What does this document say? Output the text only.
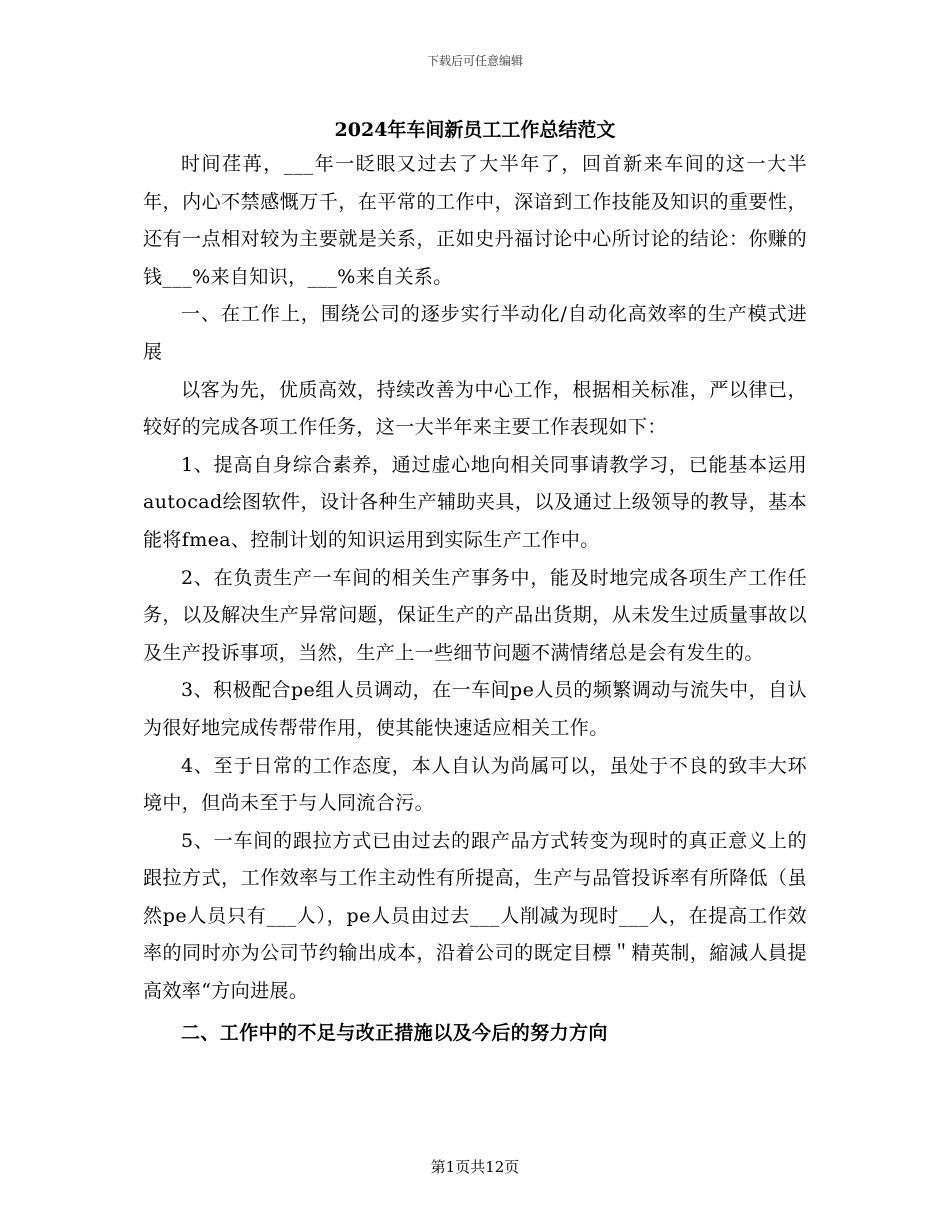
下载后可任意编辑
2024年车间新员工工作总结范文

时间荏苒，___年一眨眼又过去了大半年了，回首新来车间的这一大半年，内心不禁感慨万千，在平常的工作中，深谙到工作技能及知识的重要性，还有一点相对较为主要就是关系，正如史丹福讨论中心所讨论的结论：你赚的钱___%来自知识，___%来自关系。

一、在工作上，围绕公司的逐步实行半动化/自动化高效率的生产模式进展

以客为先，优质高效，持续改善为中心工作，根据相关标准，严以律已，较好的完成各项工作任务，这一大半年来主要工作表现如下：

1、提高自身综合素养，通过虚心地向相关同事请教学习，已能基本运用autocad绘图软件，设计各种生产辅助夹具，以及通过上级领导的教导，基本能将fmea、控制计划的知识运用到实际生产工作中。

2、在负责生产一车间的相关生产事务中，能及时地完成各项生产工作任务，以及解决生产异常问题，保证生产的产品出货期，从未发生过质量事故以及生产投诉事项，当然，生产上一些细节问题不满情绪总是会有发生的。

3、积极配合pe组人员调动，在一车间pe人员的频繁调动与流失中，自认为很好地完成传帮带作用，使其能快速适应相关工作。

4、至于日常的工作态度，本人自认为尚属可以，虽处于不良的致丰大环境中，但尚未至于与人同流合污。

5、一车间的跟拉方式已由过去的跟产品方式转变为现时的真正意义上的跟拉方式，工作效率与工作主动性有所提高，生产与品管投诉率有所降低（虽然pe人员只有___人），pe人员由过去___人削减为现时___人，在提高工作效率的同时亦为公司节约输出成本，沿着公司的既定目標＂精英制，縮減人員提高效率“方向进展。

二、工作中的不足与改正措施以及今后的努力方向

第1页共12页
